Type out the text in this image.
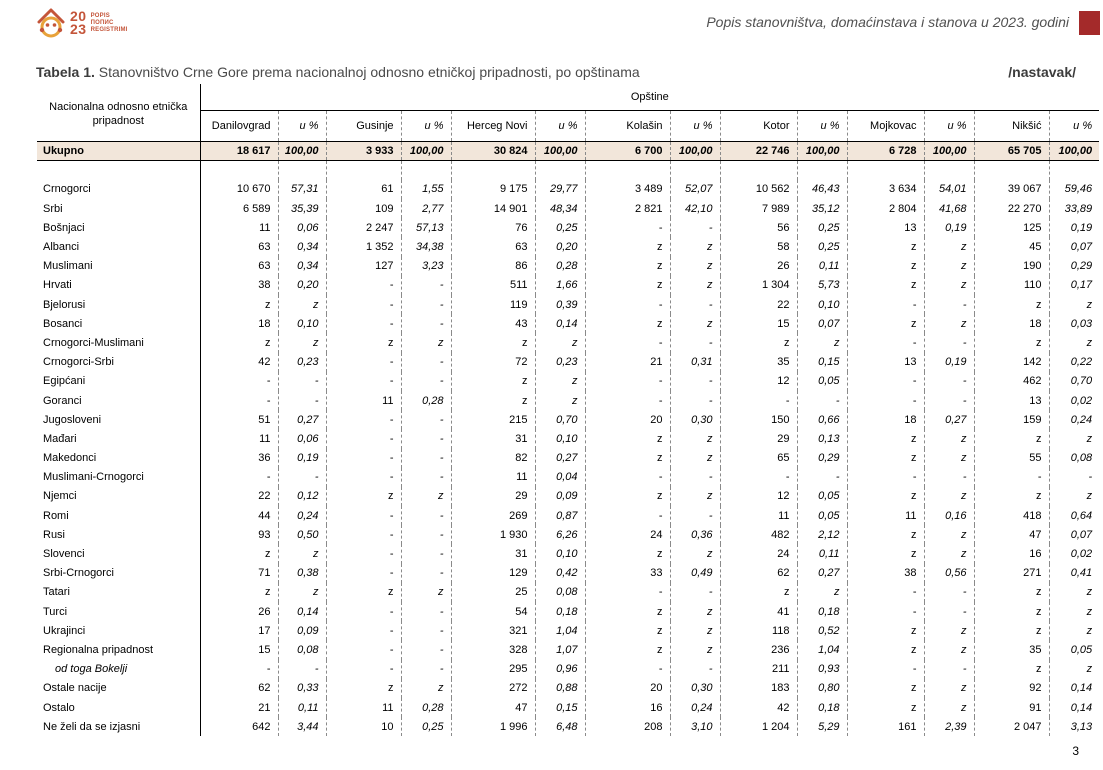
20
23
POPIS
ПОПИС
REGISTRIMI	Popis stanovništva, domaćinstava i stanova u 2023. godini
Tabela 1. Stanovništvo Crne Gore prema nacionalnoj odnosno etničkoj pripadnosti, po opštinama	/nastavak/
Nacionalna odnosno etnička pripadnost	Opštine													
	Danilovgrad	u %	Gusinje	u %	Herceg Novi	u %	Kolašin	u %	Kotor	u %	Mojkovac	u %	Nikšić	u %
Ukupno	18 617	100,00	3 933	100,00	30 824	100,00	6 700	100,00	22 746	100,00	6 728	100,00	65 705	100,00

Crnogorci	10 670	57,31	61	1,55	9 175	29,77	3 489	52,07	10 562	46,43	3 634	54,01	39 067	59,46
Srbi	6 589	35,39	109	2,77	14 901	48,34	2 821	42,10	7 989	35,12	2 804	41,68	22 270	33,89
Bošnjaci	11	0,06	2 247	57,13	76	0,25	-	-	56	0,25	13	0,19	125	0,19
Albanci	63	0,34	1 352	34,38	63	0,20	z	z	58	0,25	z	z	45	0,07
Muslimani	63	0,34	127	3,23	86	0,28	z	z	26	0,11	z	z	190	0,29
Hrvati	38	0,20	-	-	511	1,66	z	z	1 304	5,73	z	z	110	0,17
Bjelorusi	z	z	-	-	119	0,39	-	-	22	0,10	-	-	z	z
Bosanci	18	0,10	-	-	43	0,14	z	z	15	0,07	z	z	18	0,03
Crnogorci-Muslimani	z	z	z	z	z	z	-	-	z	z	-	-	z	z
Crnogorci-Srbi	42	0,23	-	-	72	0,23	21	0,31	35	0,15	13	0,19	142	0,22
Egipćani	-	-	-	-	z	z	-	-	12	0,05	-	-	462	0,70
Goranci	-	-	11	0,28	z	z	-	-	-	-	-	-	13	0,02
Jugosloveni	51	0,27	-	-	215	0,70	20	0,30	150	0,66	18	0,27	159	0,24
Mađari	11	0,06	-	-	31	0,10	z	z	29	0,13	z	z	z	z
Makedonci	36	0,19	-	-	82	0,27	z	z	65	0,29	z	z	55	0,08
Muslimani-Crnogorci	-	-	-	-	11	0,04	-	-	-	-	-	-	-	-
Njemci	22	0,12	z	z	29	0,09	z	z	12	0,05	z	z	z	z
Romi	44	0,24	-	-	269	0,87	-	-	11	0,05	11	0,16	418	0,64
Rusi	93	0,50	-	-	1 930	6,26	24	0,36	482	2,12	z	z	47	0,07
Slovenci	z	z	-	-	31	0,10	z	z	24	0,11	z	z	16	0,02
Srbi-Crnogorci	71	0,38	-	-	129	0,42	33	0,49	62	0,27	38	0,56	271	0,41
Tatari	z	z	z	z	25	0,08	-	-	z	z	-	-	z	z
Turci	26	0,14	-	-	54	0,18	z	z	41	0,18	-	-	z	z
Ukrajinci	17	0,09	-	-	321	1,04	z	z	118	0,52	z	z	z	z
Regionalna pripadnost	15	0,08	-	-	328	1,07	z	z	236	1,04	z	z	35	0,05
od toga Bokelji	-	-	-	-	295	0,96	-	-	211	0,93	-	-	z	z
Ostale nacije	62	0,33	z	z	272	0,88	20	0,30	183	0,80	z	z	92	0,14
Ostalo	21	0,11	11	0,28	47	0,15	16	0,24	42	0,18	z	z	91	0,14
Ne želi da se izjasni	642	3,44	10	0,25	1 996	6,48	208	3,10	1 204	5,29	161	2,39	2 047	3,13
3
